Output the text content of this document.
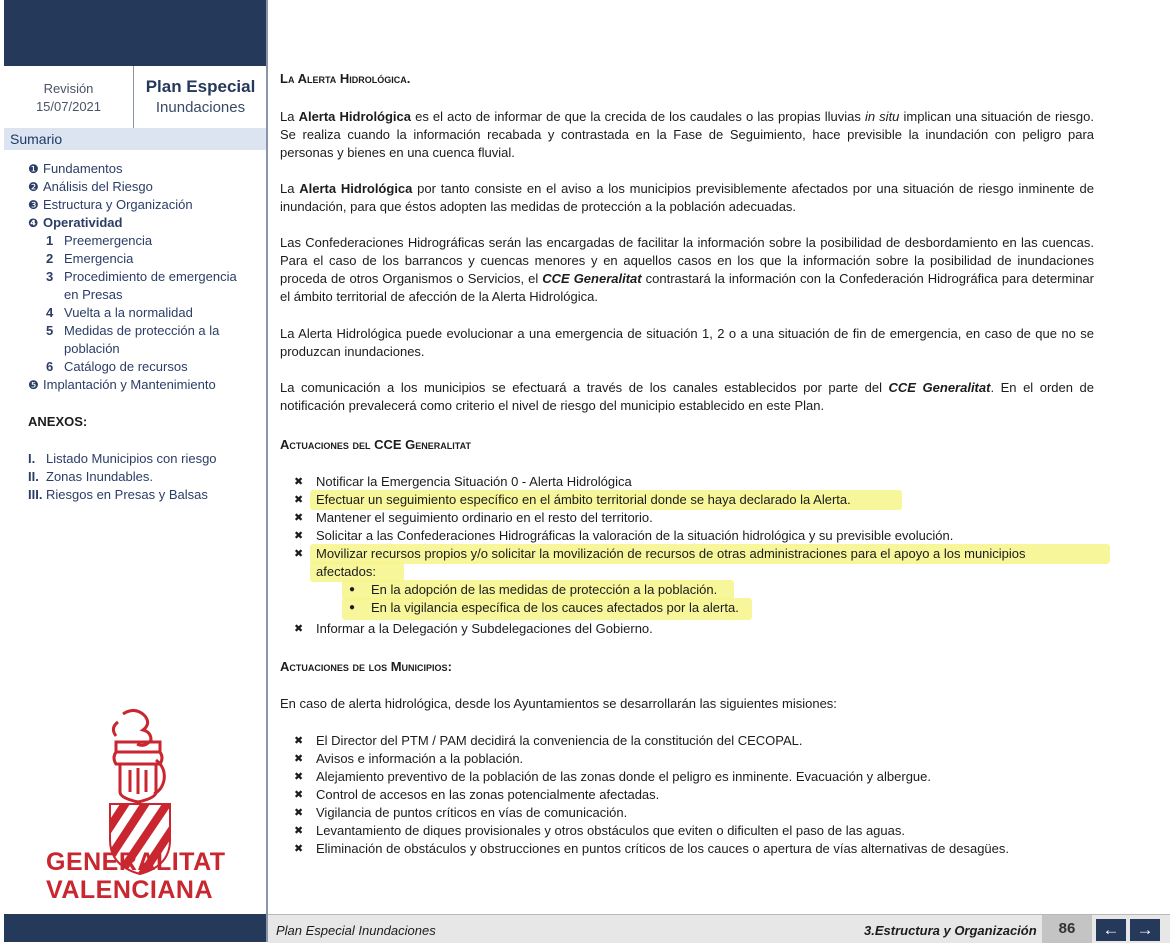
Revisión
15/07/2021
Plan Especial
Inundaciones
Sumario
❶ Fundamentos
❷ Análisis del Riesgo
❸ Estructura y Organización
❹ Operatividad
1 Preemergencia
2 Emergencia
3 Procedimiento de emergencia
en Presas
4 Vuelta a la normalidad
5 Medidas de protección a la
población
6 Catálogo de recursos
❺ Implantación y Mantenimiento
ANEXOS:
I. Listado Municipios con riesgo
II. Zonas Inundables.
III. Riesgos en Presas y Balsas
GENERALITAT
VALENCIANA
La Alerta Hidrológica.
La Alerta Hidrológica es el acto de informar de que la crecida de los caudales o las propias lluvias in situ implican una situación de riesgo. Se realiza cuando la información recabada y contrastada en la Fase de Seguimiento, hace previsible la inundación con peligro para personas y bienes en una cuenca fluvial.
La Alerta Hidrológica por tanto consiste en el aviso a los municipios previsiblemente afectados por una situación de riesgo inminente de inundación, para que éstos adopten las medidas de protección a la población adecuadas.
Las Confederaciones Hidrográficas serán las encargadas de facilitar la información sobre la posibilidad de desbordamiento en las cuencas. Para el caso de los barrancos y cuencas menores y en aquellos casos en los que la información sobre la posibilidad de inundaciones proceda de otros Organismos o Servicios, el CCE Generalitat contrastará la información con la Confederación Hidrográfica para determinar el ámbito territorial de afección de la Alerta Hidrológica.
La Alerta Hidrológica puede evolucionar a una emergencia de situación 1, 2 o a una situación de fin de emergencia, en caso de que no se produzcan inundaciones.
La comunicación a los municipios se efectuará a través de los canales establecidos por parte del CCE Generalitat. En el orden de notificación prevalecerá como criterio el nivel de riesgo del municipio establecido en este Plan.
Actuaciones del CCE Generalitat
✖ Notificar la Emergencia Situación 0 - Alerta Hidrológica
✖ Efectuar un seguimiento específico en el ámbito territorial donde se haya declarado la Alerta.
✖ Mantener el seguimiento ordinario en el resto del territorio.
✖ Solicitar a las Confederaciones Hidrográficas la valoración de la situación hidrológica y su previsible evolución.
✖ Movilizar recursos propios y/o solicitar la movilización de recursos de otras administraciones para el apoyo a los municipios
afectados:
● En la adopción de las medidas de protección a la población.
● En la vigilancia específica de los cauces afectados por la alerta.
✖ Informar a la Delegación y Subdelegaciones del Gobierno.
Actuaciones de los Municipios:
En caso de alerta hidrológica, desde los Ayuntamientos se desarrollarán las siguientes misiones:
✖ El Director del PTM / PAM decidirá la conveniencia de la constitución del CECOPAL.
✖ Avisos e información a la población.
✖ Alejamiento preventivo de la población de las zonas donde el peligro es inminente. Evacuación y albergue.
✖ Control de accesos en las zonas potencialmente afectadas.
✖ Vigilancia de puntos críticos en vías de comunicación.
✖ Levantamiento de diques provisionales y otros obstáculos que eviten o dificulten el paso de las aguas.
✖ Eliminación de obstáculos y obstrucciones en puntos críticos de los cauces o apertura de vías alternativas de desagües.
Plan Especial Inundaciones	3.Estructura y Organización	86	←	→
